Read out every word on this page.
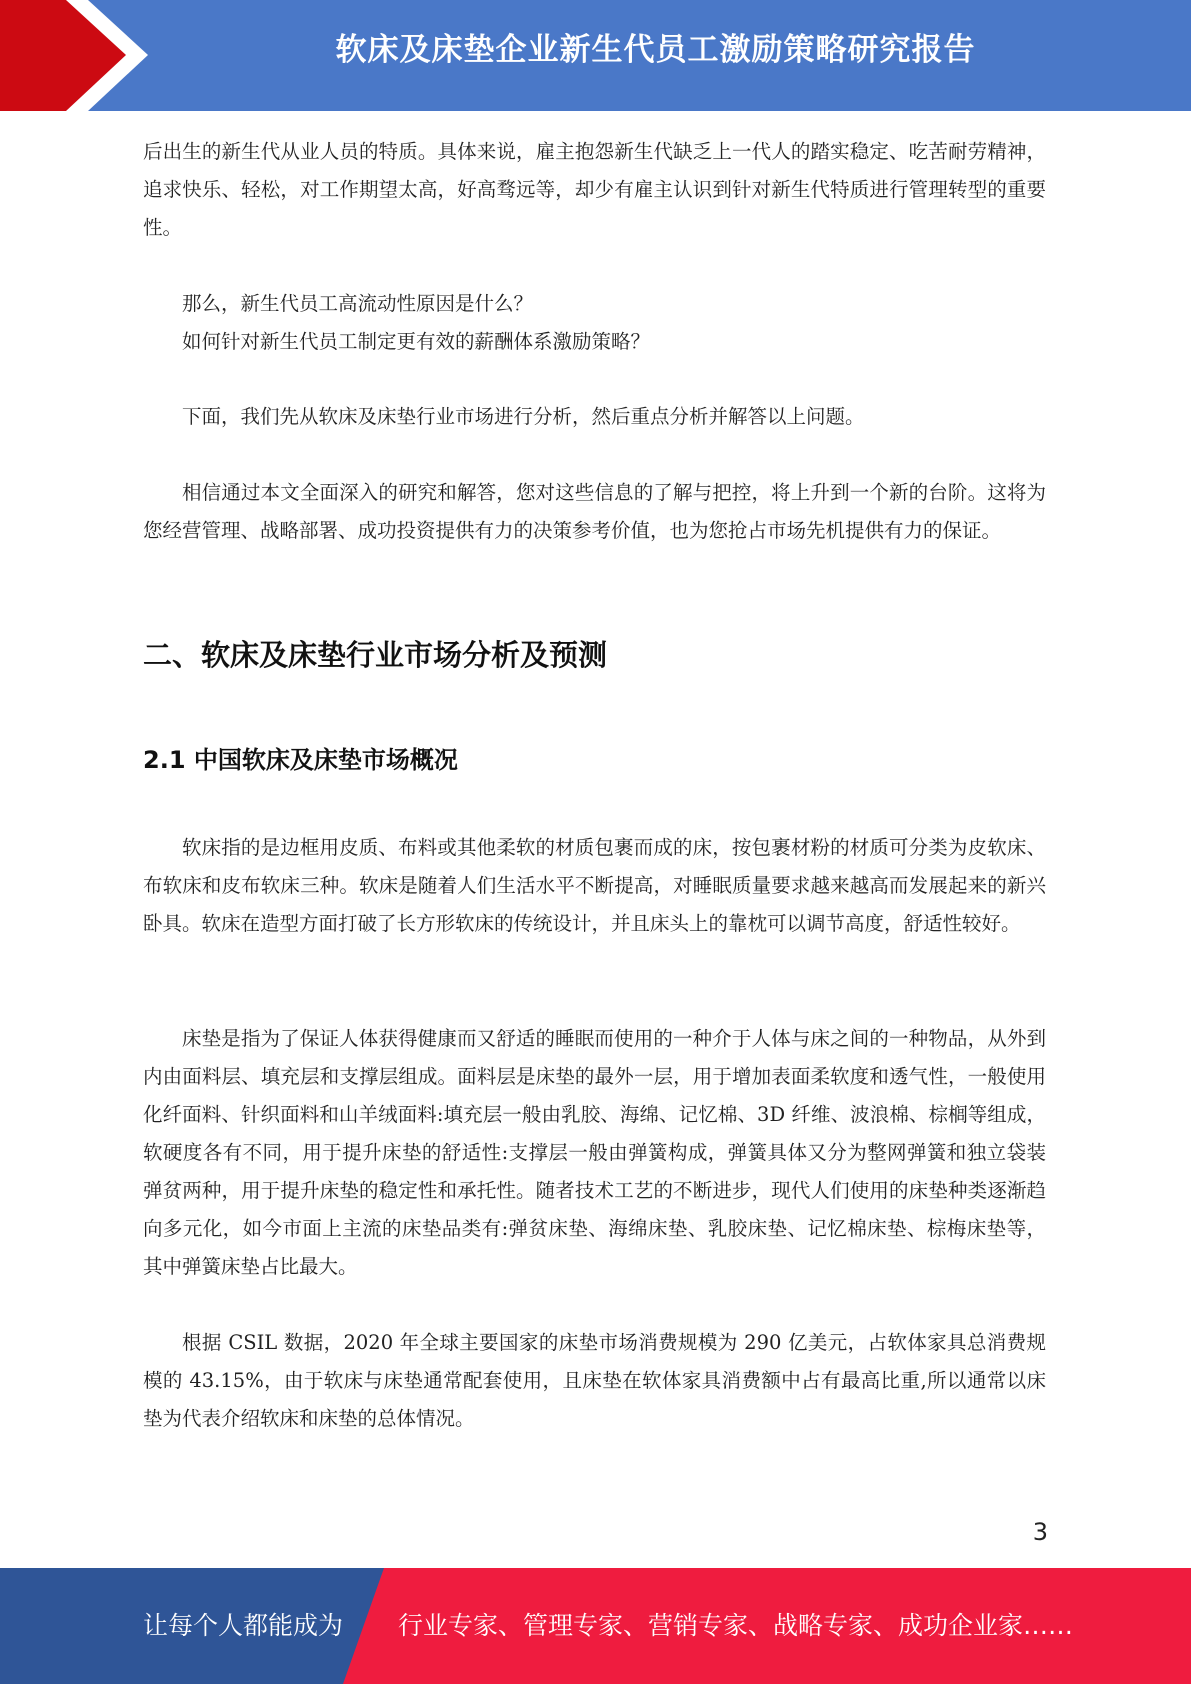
软床及床垫企业新生代员工激励策略研究报告

后出生的新生代从业人员的特质。具体来说，雇主抱怨新生代缺乏上一代人的踏实稳定、吃苦耐劳精神，追求快乐、轻松，对工作期望太高，好高骛远等，却少有雇主认识到针对新生代特质进行管理转型的重要性。

那么，新生代员工高流动性原因是什么？

如何针对新生代员工制定更有效的薪酬体系激励策略？

下面，我们先从软床及床垫行业市场进行分析，然后重点分析并解答以上问题。

相信通过本文全面深入的研究和解答，您对这些信息的了解与把控，将上升到一个新的台阶。这将为您经营管理、战略部署、成功投资提供有力的决策参考价值，也为您抢占市场先机提供有力的保证。

二、软床及床垫行业市场分析及预测
2.1 中国软床及床垫市场概况

软床指的是边框用皮质、布料或其他柔软的材质包裹而成的床，按包裹材粉的材质可分类为皮软床、布软床和皮布软床三种。软床是随着人们生活水平不断提高，对睡眠质量要求越来越高而发展起来的新兴卧具。软床在造型方面打破了长方形软床的传统设计，并且床头上的靠枕可以调节高度，舒适性较好。

床垫是指为了保证人体获得健康而又舒适的睡眠而使用的一种介于人体与床之间的一种物品，从外到内由面料层、填充层和支撑层组成。面料层是床垫的最外一层，用于增加表面柔软度和透气性，一般使用化纤面料、针织面料和山羊绒面料:填充层一般由乳胶、海绵、记忆棉、3D 纤维、波浪棉、棕榈等组成，软硬度各有不同，用于提升床垫的舒适性:支撑层一般由弹簧构成，弹簧具体又分为整网弹簧和独立袋装弹贫两种，用于提升床垫的稳定性和承托性。随者技术工艺的不断进步，现代人们使用的床垫种类逐渐趋向多元化，如今市面上主流的床垫品类有:弹贫床垫、海绵床垫、乳胶床垫、记忆棉床垫、棕梅床垫等，其中弹簧床垫占比最大。

根据 CSIL 数据，2020 年全球主要国家的床垫市场消费规模为 290 亿美元，占软体家具总消费规模的 43.15%，由于软床与床垫通常配套使用，且床垫在软体家具消费额中占有最高比重,所以通常以床垫为代表介绍软床和床垫的总体情况。

3
让每个人都能成为 行业专家、管理专家、营销专家、战略专家、成功企业家……
